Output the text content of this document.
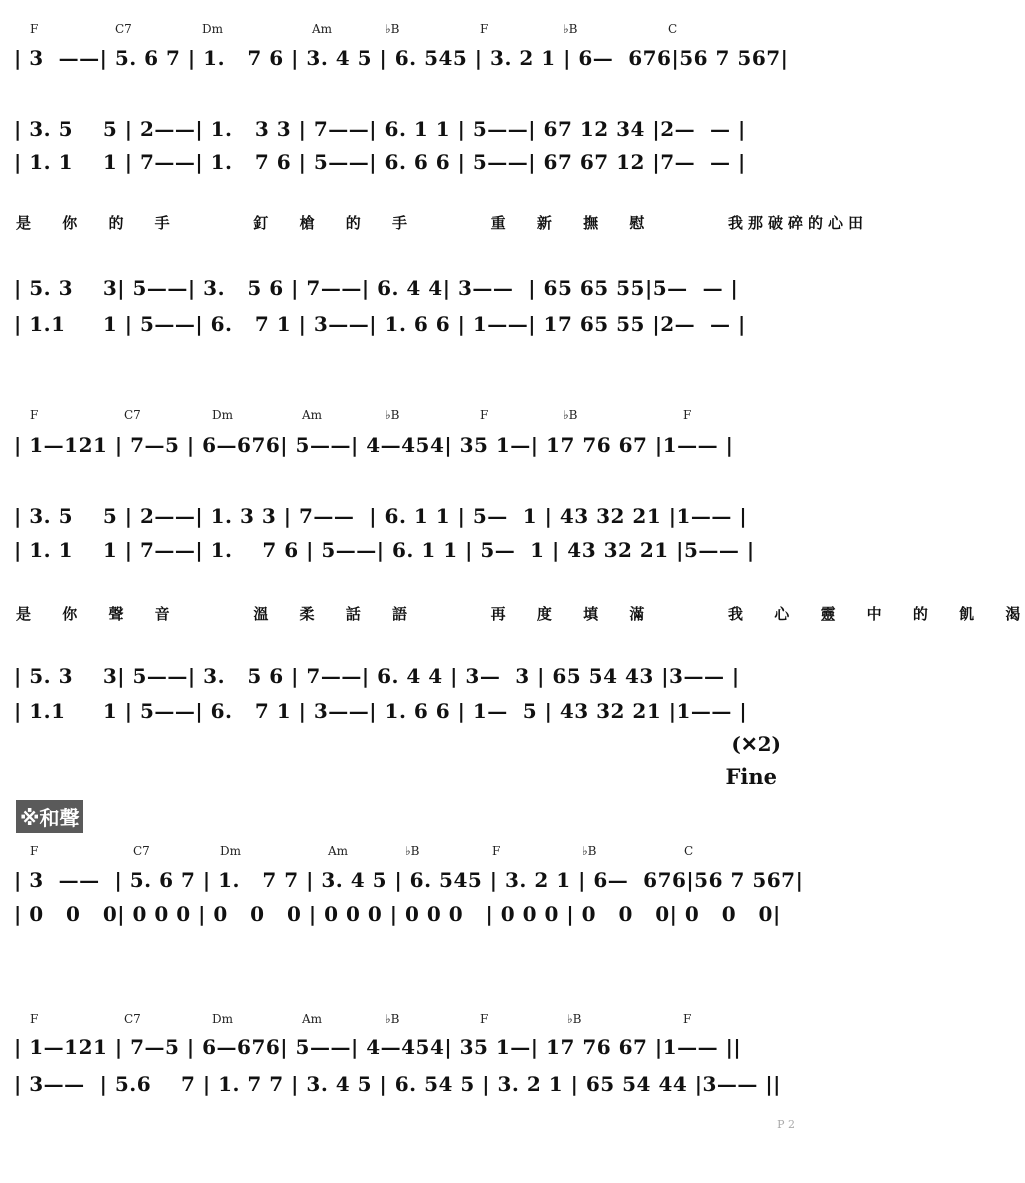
F

	C7

	Dm

	Am

	♭B

	F

	♭B

	C

| 3  ——| 5. 6 7 | 1.   7 6 | 3. 4 5 | 6. 545 | 3. 2 1 | 6—  676|56 7 567|
| 3. 5    5 | 2——| 1.   3 3 | 7——| 6. 1 1 | 5——| 67 12 34 |2—  — |
| 1. 1    1 | 7——| 1.   7 6 | 5——| 6. 6 6 | 5——| 67 67 12 |7—  — |
是 你 的 手   釘 槍 的 手   重 新 撫 慰   我那破碎的心田
| 5. 3    3| 5——| 3.   5 6 | 7——| 6. 4 4| 3——  | 65 65 55|5—  — |
| 1.1     1 | 5——| 6.   7 1 | 3——| 1. 6 6 | 1——| 17 65 55 |2—  — |

F

	C7

	Dm

	Am

	♭B

	F

	♭B

	F

| 1—121 | 7—5 | 6—676| 5——| 4—454| 35 1—| 17 76 67 |1—— |
| 3. 5    5 | 2——| 1. 3 3 | 7——  | 6. 1 1 | 5—  1 | 43 32 21 |1—— |
| 1. 1    1 | 7——| 1.    7 6 | 5——| 6. 1 1 | 5—  1 | 43 32 21 |5—— |
是 你 聲 音   溫 柔 話 語   再 度 填 滿   我 心 靈 中 的 飢 渴
| 5. 3    3| 5——| 3.   5 6 | 7——| 6. 4 4 | 3—  3 | 65 54 43 |3—— |
| 1.1     1 | 5——| 6.   7 1 | 3——| 1. 6 6 | 1—  5 | 43 32 21 |1—— |
(✕2)
Fine
※和聲

F

	C7

	Dm

	Am

	♭B

	F

	♭B

	C

| 3  ——  | 5. 6 7 | 1.   7 7 | 3. 4 5 | 6. 545 | 3. 2 1 | 6—  676|56 7 567|
| 0   0   0| 0 0 0 | 0   0   0 | 0 0 0 | 0 0 0   | 0 0 0 | 0   0   0| 0   0   0|

F

	C7

	Dm

	Am

	♭B

	F

	♭B

	F

| 1—121 | 7—5 | 6—676| 5——| 4—454| 35 1—| 17 76 67 |1—— ||
| 3——  | 5.6    7 | 1. 7 7 | 3. 4 5 | 6. 54 5 | 3. 2 1 | 65 54 44 |3—— ||
P 2
